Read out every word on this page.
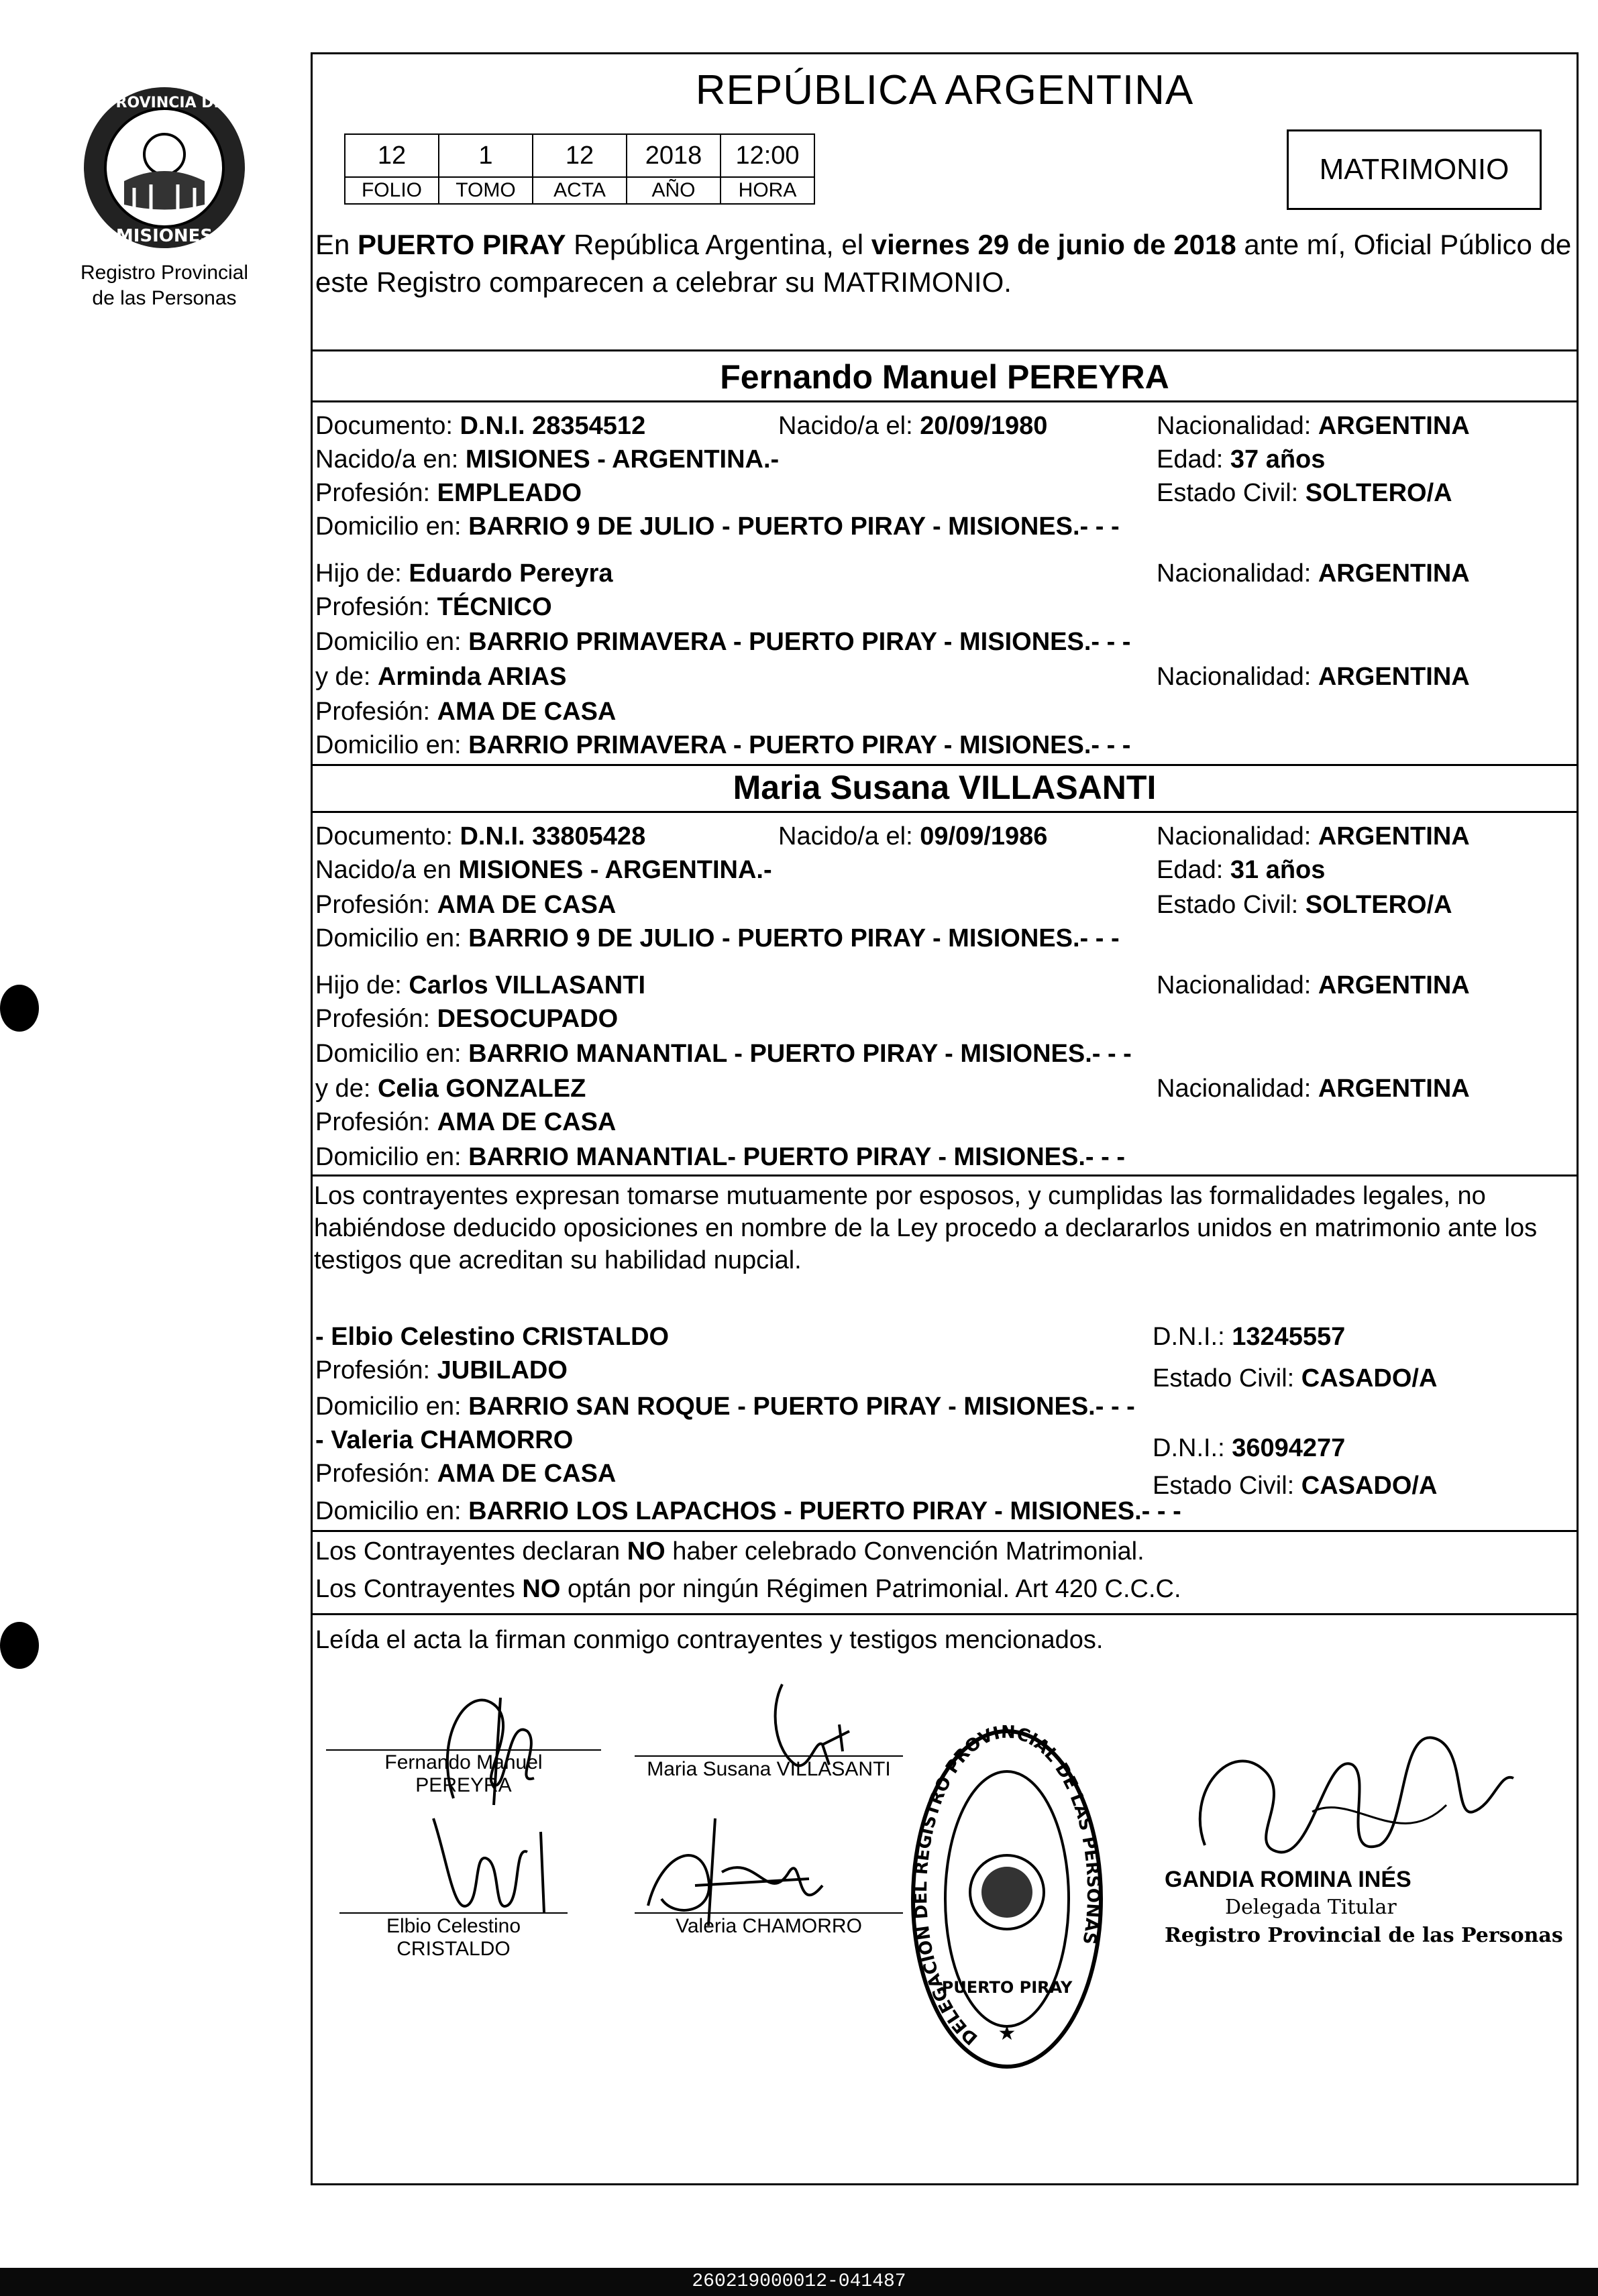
PROVINCIA DE
MISIONES
Registro Provincial
de las Personas
REPÚBLICA ARGENTINA
12	1	12	2018	12:00
FOLIO	TOMO	ACTA	AÑO	HORA
MATRIMONIO
En PUERTO PIRAY República Argentina, el viernes 29 de junio de 2018 ante mí, Oficial Público de este Registro comparecen a celebrar su MATRIMONIO.
Fernando Manuel PEREYRA
Documento: D.N.I. 28354512	Nacido/a el: 20/09/1980	Nacionalidad: ARGENTINA
Nacido/a en: MISIONES - ARGENTINA.-	Edad: 37 años
Profesión: EMPLEADO	Estado Civil: SOLTERO/A
Domicilio en: BARRIO 9 DE JULIO - PUERTO PIRAY - MISIONES.- - -
Hijo de: Eduardo Pereyra	Nacionalidad: ARGENTINA
Profesión: TÉCNICO
Domicilio en: BARRIO PRIMAVERA - PUERTO PIRAY - MISIONES.- - -
y de: Arminda ARIAS	Nacionalidad: ARGENTINA
Profesión: AMA DE CASA
Domicilio en: BARRIO PRIMAVERA - PUERTO PIRAY - MISIONES.- - -
Maria Susana VILLASANTI
Documento: D.N.I. 33805428	Nacido/a el: 09/09/1986	Nacionalidad: ARGENTINA
Nacido/a en MISIONES - ARGENTINA.-	Edad: 31 años
Profesión: AMA DE CASA	Estado Civil: SOLTERO/A
Domicilio en: BARRIO 9 DE JULIO - PUERTO PIRAY - MISIONES.- - -
Hijo de: Carlos VILLASANTI	Nacionalidad: ARGENTINA
Profesión: DESOCUPADO
Domicilio en: BARRIO MANANTIAL - PUERTO PIRAY - MISIONES.- - -
y de: Celia GONZALEZ	Nacionalidad: ARGENTINA
Profesión: AMA DE CASA
Domicilio en: BARRIO MANANTIAL- PUERTO PIRAY - MISIONES.- - -
Los contrayentes expresan tomarse mutuamente por esposos, y cumplidas las formalidades legales, no habiéndose deducido oposiciones en nombre de la Ley procedo a declararlos unidos en matrimonio ante los testigos que acreditan su habilidad nupcial.
- Elbio Celestino CRISTALDO	D.N.I.: 13245557
Profesión: JUBILADO	Estado Civil: CASADO/A
Domicilio en: BARRIO SAN ROQUE - PUERTO PIRAY - MISIONES.- - -
- Valeria CHAMORRO	D.N.I.: 36094277
Profesión: AMA DE CASA	Estado Civil: CASADO/A
Domicilio en: BARRIO LOS LAPACHOS - PUERTO PIRAY - MISIONES.- - -
Los Contrayentes declaran NO haber celebrado Convención Matrimonial.
Los Contrayentes NO optán por ningún Régimen Patrimonial. Art 420 C.C.C.
Leída el acta la firman conmigo contrayentes y testigos mencionados.
Fernando Manuel
PEREYRA
Maria Susana VILLASANTI
Elbio Celestino
CRISTALDO
Valeria CHAMORRO
DELEGACION DEL REGISTRO PROVINCIAL DE LAS PERSONAS
PUERTO PIRAY
★
GANDIA ROMINA INÉS
Delegada Titular
Registro Provincial de las Personas
260219000012-041487
